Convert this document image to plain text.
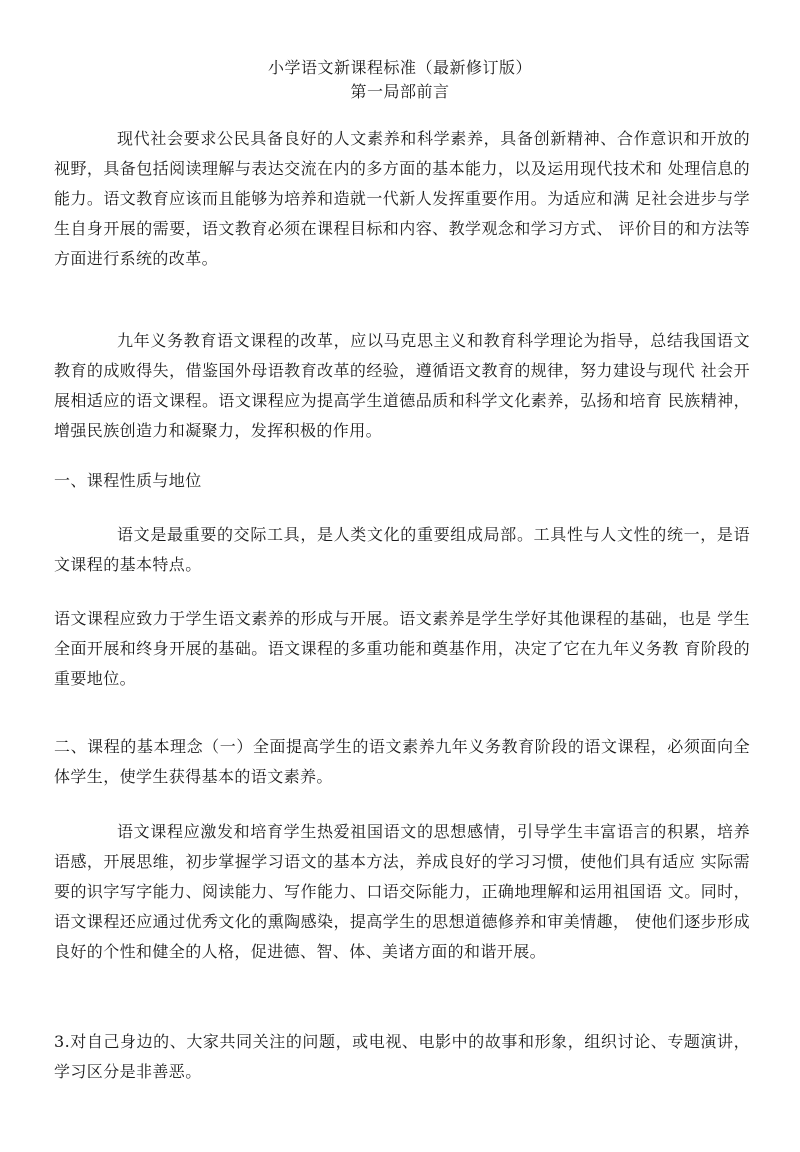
小学语文新课程标准（最新修订版）
第一局部前言

现代社会要求公民具备良好的人文素养和科学素养，具备创新精神、合作意识和开放的视野，具备包括阅读理解与表达交流在内的多方面的基本能力，以及运用现代技术和 处理信息的能力。语文教育应该而且能够为培养和造就一代新人发挥重要作用。为适应和满 足社会进步与学生自身开展的需要，语文教育必须在课程目标和内容、教学观念和学习方式、 评价目的和方法等方面进行系统的改革。

九年义务教育语文课程的改革，应以马克思主义和教育科学理论为指导，总结我国语文教育的成败得失，借鉴国外母语教育改革的经验，遵循语文教育的规律，努力建设与现代 社会开展相适应的语文课程。语文课程应为提高学生道德品质和科学文化素养，弘扬和培育 民族精神，增强民族创造力和凝聚力，发挥积极的作用。

一、课程性质与地位

语文是最重要的交际工具，是人类文化的重要组成局部。工具性与人文性的统一，是语文课程的基本特点。

语文课程应致力于学生语文素养的形成与开展。语文素养是学生学好其他课程的基础，也是 学生全面开展和终身开展的基础。语文课程的多重功能和奠基作用，决定了它在九年义务教 育阶段的重要地位。

二、课程的基本理念（一）全面提高学生的语文素养九年义务教育阶段的语文课程，必须面向全体学生，使学生获得基本的语文素养。

语文课程应激发和培育学生热爱祖国语文的思想感情，引导学生丰富语言的积累，培养语感，开展思维，初步掌握学习语文的基本方法，养成良好的学习习惯，使他们具有适应 实际需要的识字写字能力、阅读能力、写作能力、口语交际能力，正确地理解和运用祖国语 文。同时，语文课程还应通过优秀文化的熏陶感染，提高学生的思想道德修养和审美情趣， 使他们逐步形成良好的个性和健全的人格，促进德、智、体、美诸方面的和谐开展。

3.对自己身边的、大家共同关注的问题，或电视、电影中的故事和形象，组织讨论、专题演讲，学习区分是非善恶。
